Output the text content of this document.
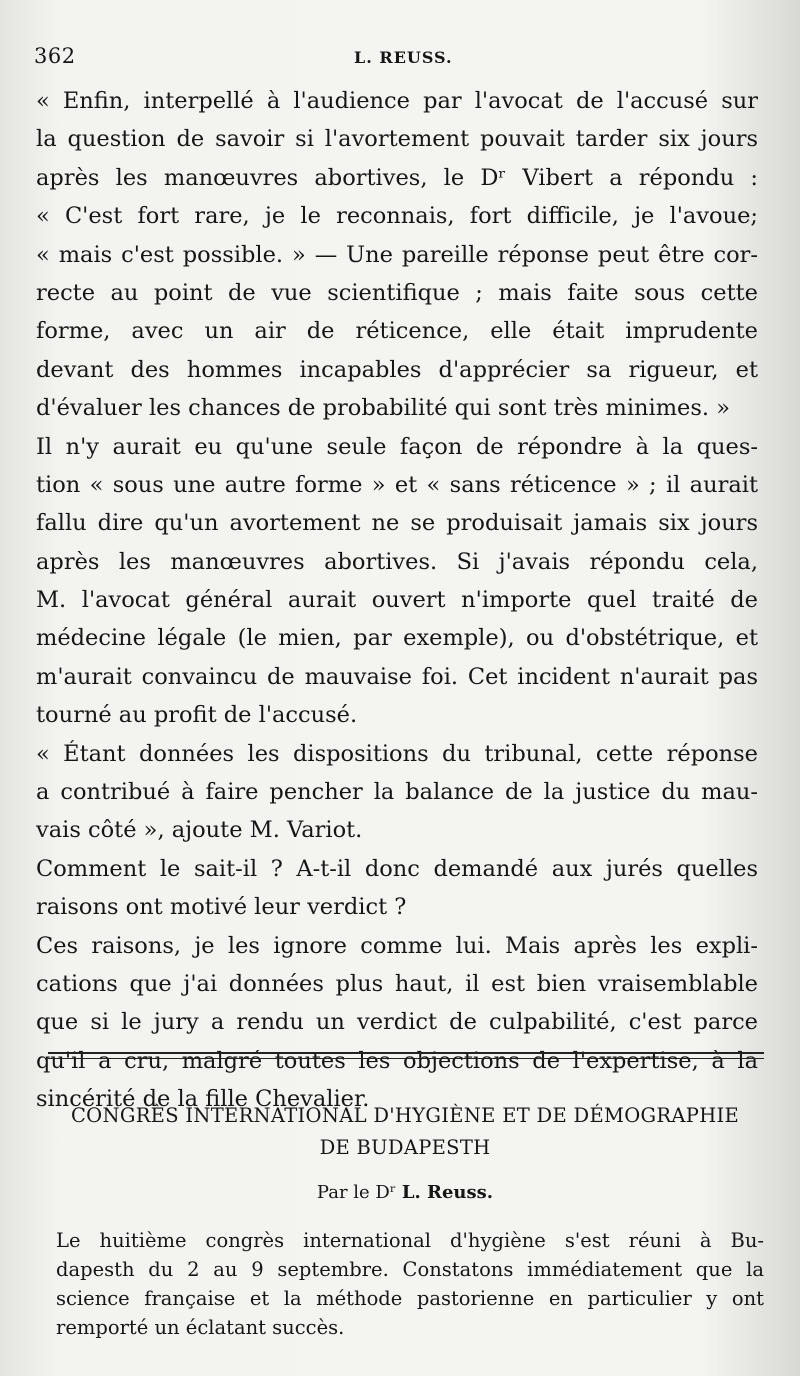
362	L. REUSS.
« Enfin, interpellé à l'audience par l'avocat de l'accusé sur
la question de savoir si l'avortement pouvait tarder six jours
après les manœuvres abortives, le Dʳ Vibert a répondu :
« C'est fort rare, je le reconnais, fort difficile, je l'avoue;
« mais c'est possible. » — Une pareille réponse peut être cor-
recte au point de vue scientifique ; mais faite sous cette
forme, avec un air de réticence, elle était imprudente
devant des hommes incapables d'apprécier sa rigueur, et
d'évaluer les chances de probabilité qui sont très minimes. »
Il n'y aurait eu qu'une seule façon de répondre à la ques-
tion « sous une autre forme » et « sans réticence » ; il aurait
fallu dire qu'un avortement ne se produisait jamais six jours
après les manœuvres abortives. Si j'avais répondu cela,
M. l'avocat général aurait ouvert n'importe quel traité de
médecine légale (le mien, par exemple), ou d'obstétrique, et
m'aurait convaincu de mauvaise foi. Cet incident n'aurait pas
tourné au profit de l'accusé.
« Étant données les dispositions du tribunal, cette réponse
a contribué à faire pencher la balance de la justice du mau-
vais côté », ajoute M. Variot.
Comment le sait-il ? A-t-il donc demandé aux jurés quelles
raisons ont motivé leur verdict ?
Ces raisons, je les ignore comme lui. Mais après les expli-
cations que j'ai données plus haut, il est bien vraisemblable
que si le jury a rendu un verdict de culpabilité, c'est parce
qu'il a cru, malgré toutes les objections de l'expertise, à la
sincérité de la fille Chevalier.
CONGRÈS INTERNATIONAL D'HYGIÈNE ET DE DÉMOGRAPHIE
DE BUDAPESTH
Par le Dʳ L. Reuss.
Le huitième congrès international d'hygiène s'est réuni à Bu-
dapesth du 2 au 9 septembre. Constatons immédiatement que la
science française et la méthode pastorienne en particulier y ont
remporté un éclatant succès.
